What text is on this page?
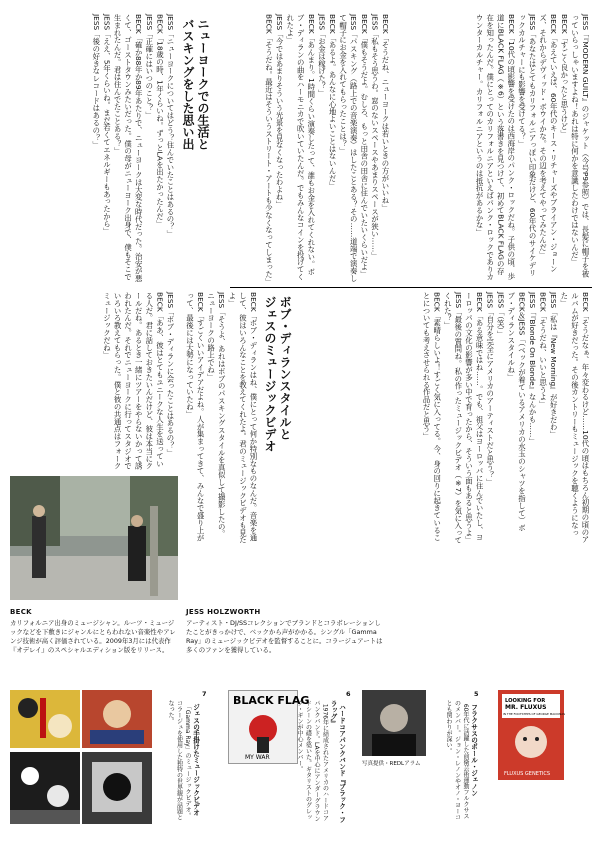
JESS「『MODERN GUILT』のジャケット（今号P9参照）では、長髪に帽子を被っていらっしゃいますよね！あれは特に何かを意識したわけではないんだ」
BECK「すごく良かったと思うけど」
BECK「あえていえば、60年代のキース・リチャーズやブライアン・ジョーンズ、それからデヴィッド・ボウイかな。その辺を考えてやってみたんだ」
JESS「あなたはとてもカリフォルニアっぽい印象だけど、60年代のサイケデリックカルチャーにも影響を受けてる？」
BECK「10代の頃影響を受けたのは西海岸のパンク・ロックだね。子供の頃、歩道にBLACK FLAG（※6）という落書きを見つけて、初めてBLACK FLAGの存在を知ったんだ。僕にとってのカリフォルニアといえばパンク・ロックでありカウンターカルチャー。カリフォルニアというのは抵抗があるかな」
BECK「そうだね、ニューヨークは若いときの方がいいね」
JESS「私もそう思うわ。窓のないスペースやあまりスペースが狭い……」
BECK「僕もそうだよ。むしろ、もっと田舎の田舎に住んでいたいくらいだよ」
JESS「パスキング（路上での音楽演奏）はしたことある？その……道端で演奏して帽子にお金を入れてもらったことは？」
BECK「あるよ。あんなに心地よいことはないんだ」
JESS「お金は稼げた？」
BECK「あんまり。1時間くらい演奏したって、誰もお金を入れてくれない。ボブ・ディランの曲をハーモニカで吹いていたんだ。でもみんなコインを投げてくれたよ」
JESS「今ではあまりそういう光景を見なくなったわよね」
BECK「そうだね。最近はそういうストリート・アートも少なくなってしまった」
ニューヨークでの生活と
バスキングをした思い出
JESS「ニューヨークについてはどう？住んでいたことはあるの？」
BECK「18歳の時、1年くらいね。ずっとLAを出たかったんだ」
JESS「正確にはいつのこと？」
BECK「確か88年か89年あたりで、ニューヨークは大変な時代だった。治安が悪くて、ゴーストタウンみたいだった。僕の母がニューヨーク出身で、僕もそこで生まれたんだ。君は住んでたことある？」
JESS「ええ、5年くらいね。まだ若くてエネルギーもあったから」
JESS「後の好きなレコードはあるの？」
BECK「そうだなぁ、年々変わるけど……10代の頃はもちろん初期の頃のアルバムが好きだった。その後カントリーもミュージックを聴くようになった」
JESS「私は『New Morning』が好きだわ」
BECK「そうだね、いいと思うよ」
JESS「『Blonde On Blonde』なんかも……」
BECK＆JESS「（ベックが着ているアメリカの水玉のシャツを指して）ボブ・ディランスタイルね」
JESS「（笑）」
JESS「自分を完全にアメリカのアーティストだと思う？」
BECK「ある意味ではね……。でも、祖父はヨーロッパに住んでいたし、ヨーロッパの文化の影響が多い中で育ったから、そういう面もあると思うよ」
JESS「最後の質問ね。私の作ったミュージックビデオ（※7）を気に入ってくれた？」
BECK「素晴らしいよ！すごく気に入ってる。今、身の回りに起きていることについても考えさせられる作品だと思う」
ボブ・ディランスタイルと
ジェスのミュージックビデオ
BECK「ボブ・ディランはね、僕にとって何か特別なものなんだ。音楽を通して、彼はいろんなことを教えてくれたよ。君のミュージックビデオも見たよ」
JESS「そうよ、あれはボブのパスキングスタイルを真似して撮影したの。ニューヨークの路上でね」
BECK「すごくいいアイデアだよね。人が集まってきて、みんなで盛り上がって、最後には大勢になっていたね」
JESS「ボブ・ディランに会ったことはあるの？」
BECK「ああ、彼はとてもユニークな人生を送っている人だ。君に話しておきたいんだけど、彼は本当にクールだね。あるとき一緒にツアーをやらないかって誘われたんだ。それでニューヨークに行ってスタジオでいろいろ教えてもらった。僕と彼の共通点はフォークミュージックだね」
BECK
カリフォルニア出身のミュージシャン。ルーツ・ミュージックなどを下敷きにジャンルにとらわれない音楽性やアレンジ技術が高く評価されている。2009年3月には代表作『オデレイ』のスペシャルエディション版をリリース。
JESS HOLZWORTH
アーティスト・DJ/SSコレクションでブランドとコラボレーションしたことがきっかけで、ベックから声がかかる。シングル「Gamma Ray」のミュージックビデオを監督することに。コラージュアートは多くのファンを獲得している。
7

ジェスの手掛けたミュージックビデオ
「Gamma Ray」のミュージックビデオ。コラージュを使用した独特の世界観が話題となった。	BLACK FLAG
MY WAR
6

ハードコアパンクバンド『ブラック・フラッグ』
1976年に結成されたアメリカのハードコアパンクバンド。LAを中心にアンダーグラウンドシーンの礎を築いた。ギタリストのグレッグ・ギンが中心メンバー。	写真提供・REDLアラム
5

フラクサスのポール・ジェノン
60年代に活躍した前衛芸術運動フルクサスのメンバー。ジョン・レノンやオノ・ヨーコとも関わりが深い。	LOOKING FOR
MR. FLUXUS
IN THE FOOTSTEPS OF GEORGE MACIUNAS
FLUXUS GENETICS
